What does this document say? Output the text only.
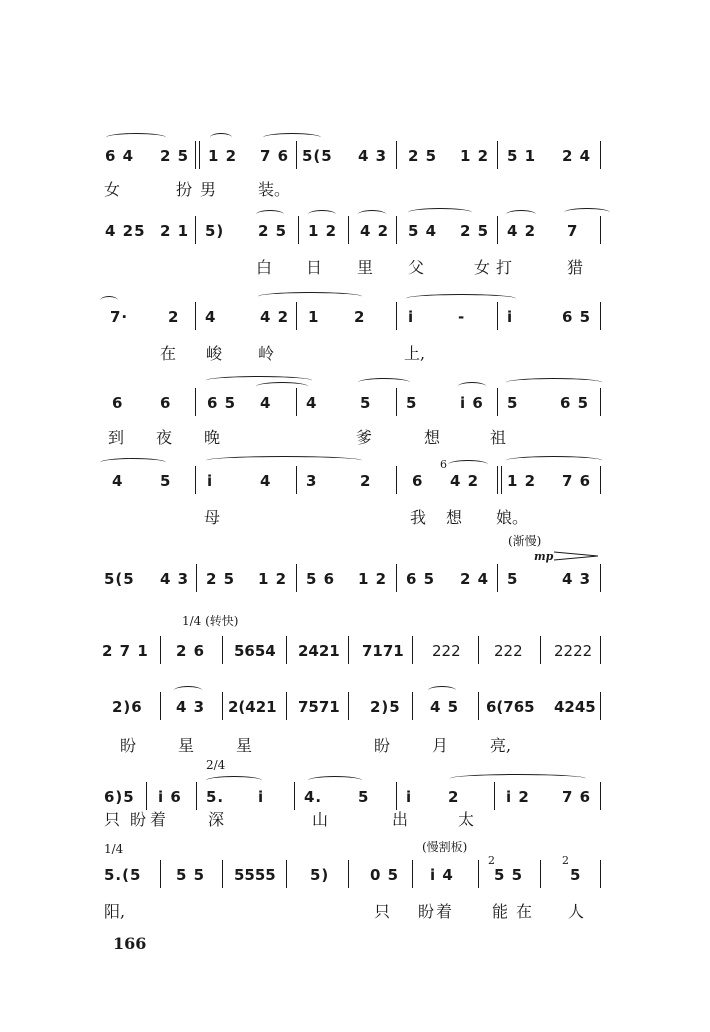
6 4 2 5 1 2 7 6 5(5 4 3 2 5 1 2 5 1 2 4
女	扮男 装。
4 25 2 1 5) 2 5 1 2 4 2 5 4 2 5 4 2 7
白 日 里 父	女打	猎
7·	2 4	4 2 1 2	i	-	i	6 5
在 峻 岭	上,
6 6 6 5 4 4	5 5	i 6 5	6 5
到 夜 晚	爹	想	祖
6
4 5 i	4 3	2	6 4 2 1 2 7 6
母	我 想 娘。
(渐慢)
mp
5(5 4 3 2 5 1 2 5 6 1 2 6 5 2 4 5	4 3
1/4 (转快)
2 7 1 2 6 5654 2421 7171 222 222 2222
2)6 4 3 2(421 7571 2)5 4 5 6(765 4245
盼	星	星	盼	月	亮,
2/4
6)5 i 6 5. i	4. 5 i 2	i 2 7 6
只 盼着 深	山	出	太
1/4	(慢割板)
2	2
5.(5 5 5 5555 5)	0 5 i 4	5 5	5
阳,	只 盼着 能在 人
166
